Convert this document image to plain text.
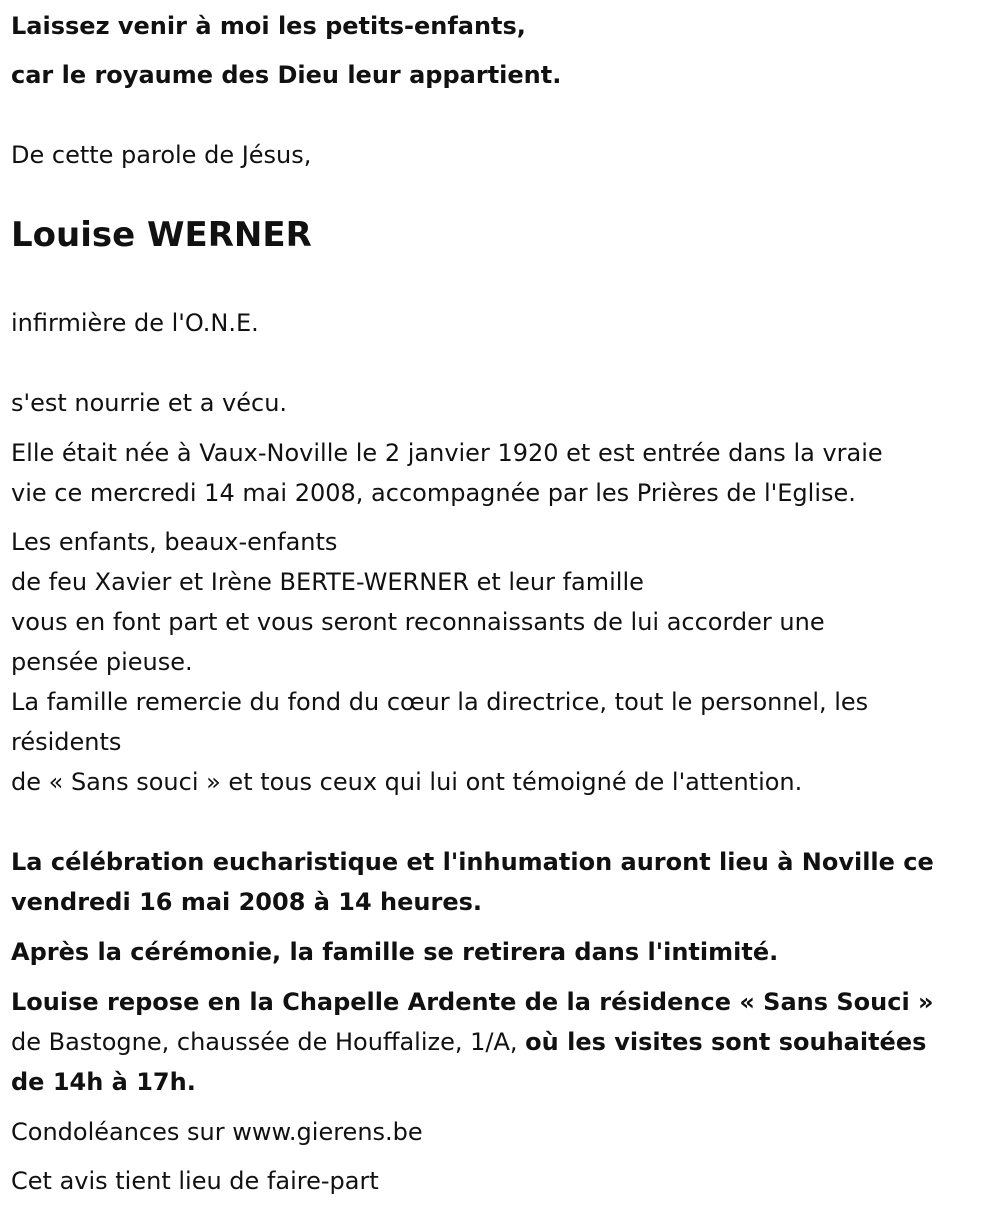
Laissez venir à moi les petits-enfants,

car le royaume des Dieu leur appartient.

De cette parole de Jésus,

Louise WERNER

infirmière de l'O.N.E.

s'est nourrie et a vécu.

Elle était née à Vaux-Noville le 2 janvier 1920 et est entrée dans la vraie

vie ce mercredi 14 mai 2008, accompagnée par les Prières de l'Eglise.

Les enfants, beaux-enfants

de feu Xavier et Irène BERTE-WERNER et leur famille

vous en font part et vous seront reconnaissants de lui accorder une

pensée pieuse.

La famille remercie du fond du cœur la directrice, tout le personnel, les

résidents

de « Sans souci » et tous ceux qui lui ont témoigné de l'attention.

La célébration eucharistique et l'inhumation auront lieu à Noville ce

vendredi 16 mai 2008 à 14 heures.

Après la cérémonie, la famille se retirera dans l'intimité.

Louise repose en la Chapelle Ardente de la résidence « Sans Souci »

de Bastogne, chaussée de Houffalize, 1/A, où les visites sont souhaitées

de 14h à 17h.

Condoléances sur www.gierens.be

Cet avis tient lieu de faire-part
